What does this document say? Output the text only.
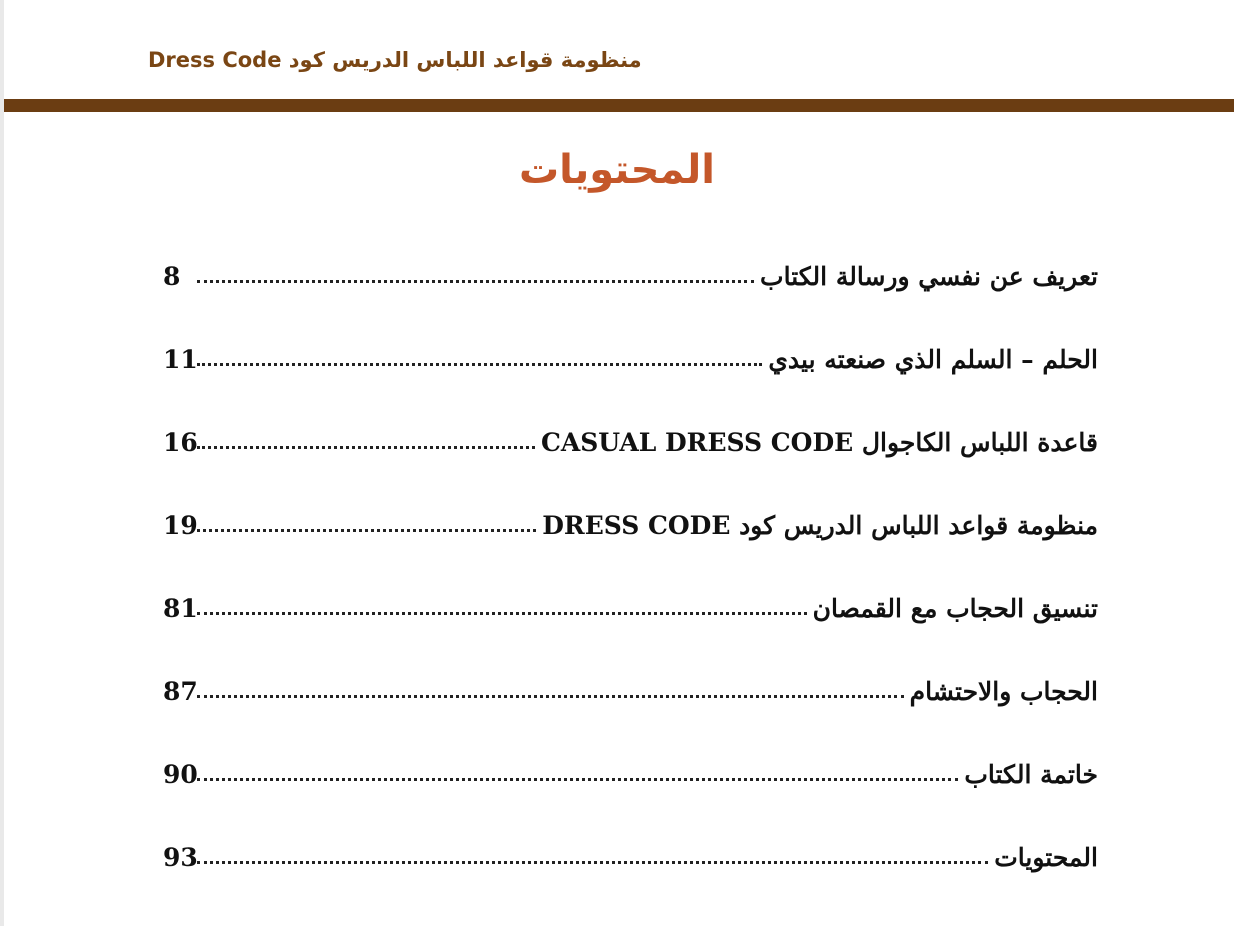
منظومة قواعد اللباس الدريس كود Dress Code
المحتويات
8	تعريف عن نفسي ورسالة الكتاب
11	الحلم – السلم الذي صنعته بيدي
16	قاعدة اللباس الكاجوال CASUAL DRESS CODE
19	منظومة قواعد اللباس الدريس كود DRESS CODE
81	تنسيق الحجاب مع القمصان
87	الحجاب والاحتشام
90	خاتمة الكتاب
93	المحتويات
